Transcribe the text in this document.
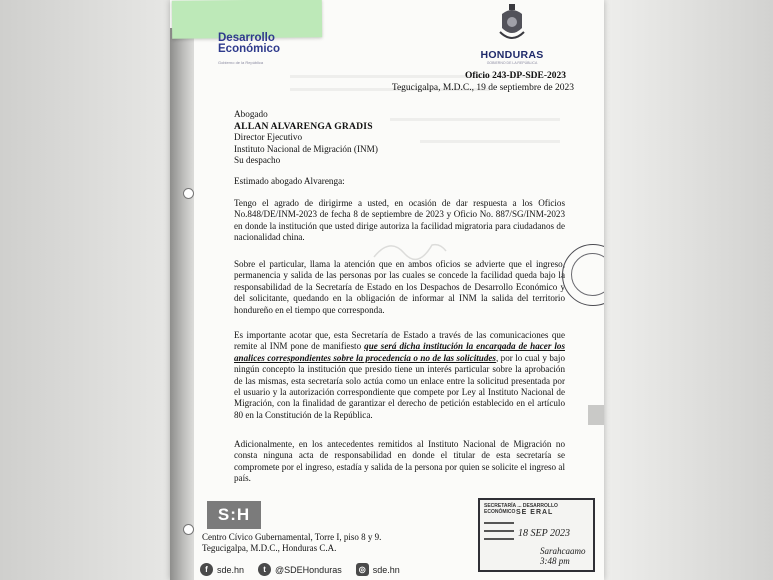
Desarrollo
Económico
Gobierno de la República
HONDURAS
GOBIERNO DE LA REPÚBLICA
Oficio 243-DP-SDE-2023
Tegucigalpa, M.D.C., 19 de septiembre de 2023
Abogado
ALLAN ALVARENGA GRADIS
Director Ejecutivo
Instituto Nacional de Migración (INM)
Su despacho
Estimado abogado Alvarenga:
Tengo el agrado de dirigirme a usted, en ocasión de dar respuesta a los Oficios No.848/DE/INM-2023 de fecha 8 de septiembre de 2023 y Oficio No. 887/SG/INM-2023 en donde la institución que usted dirige autoriza la facilidad migratoria para ciudadanos de nacionalidad china.
Sobre el particular, llama la atención que en ambos oficios se advierte que el ingreso, permanencia y salida de las personas por las cuales se concede la facilidad queda bajo la responsabilidad de la Secretaría de Estado en los Despachos de Desarrollo Económico y del solicitante, quedando en la obligación de informar al INM la salida del territorio hondureño en el tiempo que corresponda.
Es importante acotar que, esta Secretaría de Estado a través de las comunicaciones que remite al INM pone de manifiesto que será dicha institución la encargada de hacer los analices correspondientes sobre la procedencia o no de las solicitudes, por lo cual y bajo ningún concepto la institución que presido tiene un interés particular sobre la aprobación de las mismas, esta secretaría solo actúa como un enlace entre la solicitud presentada por el usuario y la autorización correspondiente que compete por Ley al Instituto Nacional de Migración, con la finalidad de garantizar el derecho de petición establecido en el artículo 80 en la Constitución de la República.
Adicionalmente, en los antecedentes remitidos al Instituto Nacional de Migración no consta ninguna acta de responsabilidad en donde el titular de esta secretaría se compromete por el ingreso, estadía y salida de la persona por quien se solicite el ingreso al país.
S:H
Centro Cívico Gubernamental, Torre I, piso 8 y 9.
Tegucigalpa, M.D.C., Honduras C.A.
f	sde.hn	t	@SDEHonduras	◎ sde.hn
SECRETARÍA ... DESARROLLO ECONÓMICO SE ERAL
18 SEP 2023
Sarahcaamo 3:48 pm
